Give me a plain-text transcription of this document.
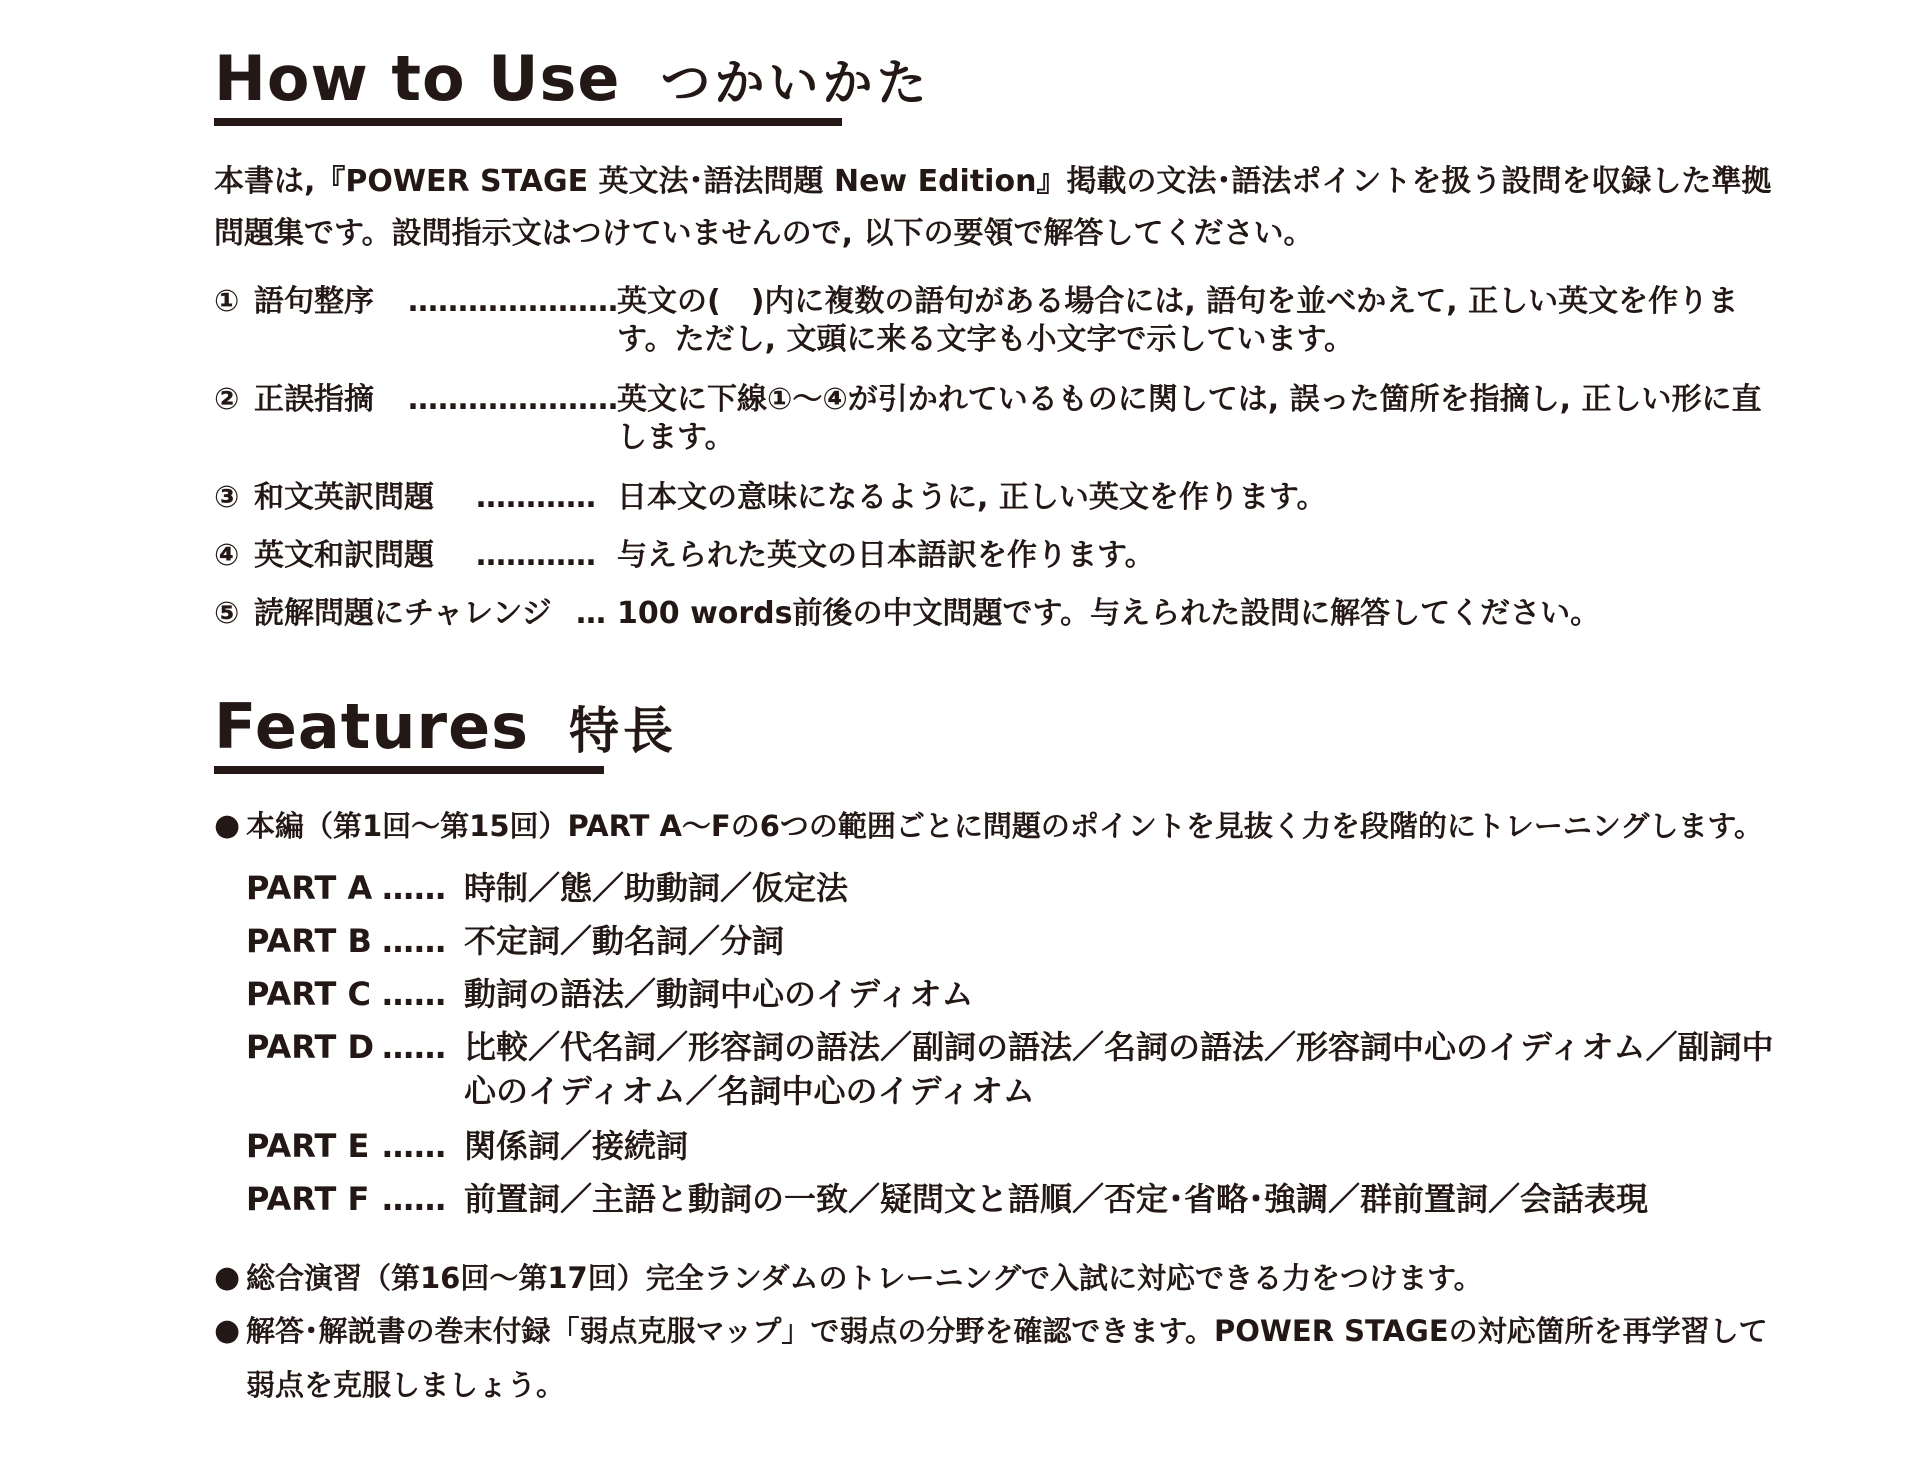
How to Use つかいかた
本書は,『POWER STAGE 英文法･語法問題 New Edition』掲載の文法･語法ポイントを扱う設問を収録した準拠問題集です。設問指示文はつけていませんので, 以下の要領で解答してください。
① 語句整序 ………………… 英文の(　)内に複数の語句がある場合には, 語句を並べかえて, 正しい英文を作ります。ただし, 文頭に来る文字も小文字で示しています。
② 正誤指摘 ………………… 英文に下線①～④が引かれているものに関しては, 誤った箇所を指摘し, 正しい形に直します。
③ 和文英訳問題 ………… 日本文の意味になるように, 正しい英文を作ります。
④ 英文和訳問題 ………… 与えられた英文の日本語訳を作ります。
⑤ 読解問題にチャレンジ … 100 words前後の中文問題です。与えられた設問に解答してください。
Features 特長
● 本編（第1回～第15回）PART A～Fの6つの範囲ごとに問題のポイントを見抜く力を段階的にトレーニングします。
PART A …… 時制／態／助動詞／仮定法
PART B …… 不定詞／動名詞／分詞
PART C …… 動詞の語法／動詞中心のイディオム
PART D …… 比較／代名詞／形容詞の語法／副詞の語法／名詞の語法／形容詞中心のイディオム／副詞中心のイディオム／名詞中心のイディオム
PART E …… 関係詞／接続詞
PART F …… 前置詞／主語と動詞の一致／疑問文と語順／否定･省略･強調／群前置詞／会話表現
● 総合演習（第16回～第17回）完全ランダムのトレーニングで入試に対応できる力をつけます。
● 解答･解説書の巻末付録「弱点克服マップ」で弱点の分野を確認できます。POWER STAGEの対応箇所を再学習して弱点を克服しましょう。
